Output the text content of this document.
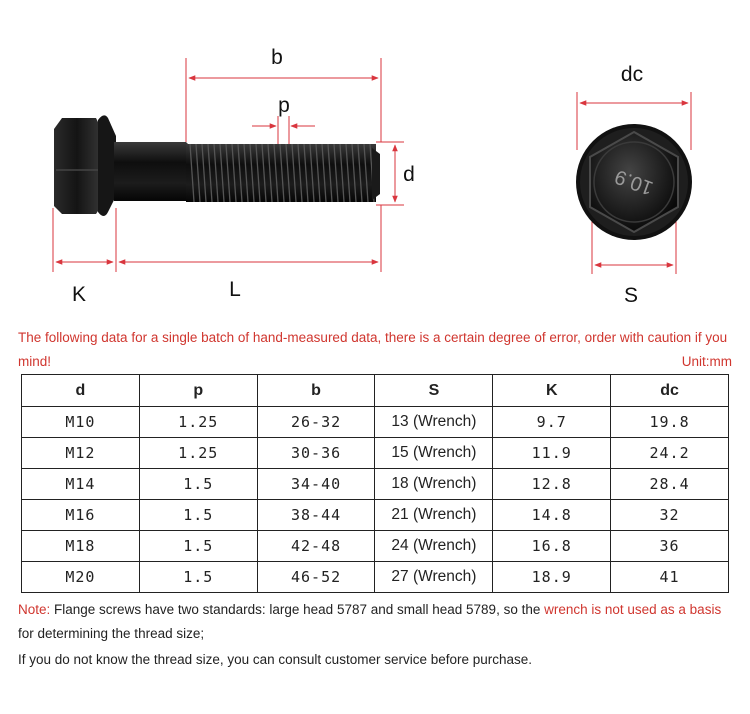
10.9
b
p
d
K	L
dc
S
The following data for a single batch of hand-measured data, there is a certain degree of error, order with caution if you mind!	Unit:mm
d	p	b	S	K	dc
M10	1.25	26-32	13 (Wrench)	9.7	19.8
M12	1.25	30-36	15 (Wrench)	11.9	24.2
M14	1.5	34-40	18 (Wrench)	12.8	28.4
M16	1.5	38-44	21 (Wrench)	14.8	32
M18	1.5	42-48	24 (Wrench)	16.8	36
M20	1.5	46-52	27 (Wrench)	18.9	41
Note: Flange screws have two standards: large head 5787 and small head 5789, so the wrench is not used as a basis for determining the thread size;
If you do not know the thread size, you can consult customer service before purchase.
